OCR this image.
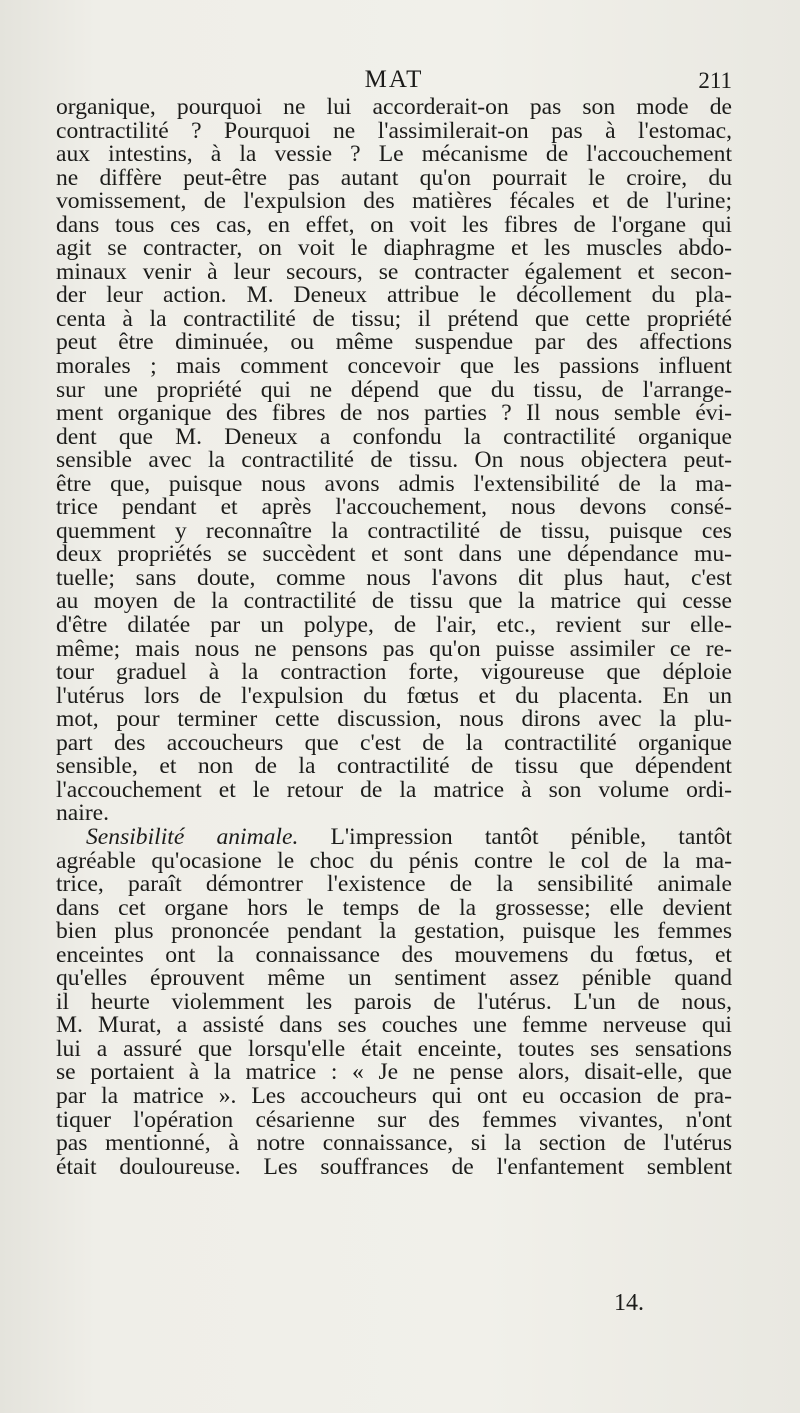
MAT	211
organique, pourquoi ne lui accorderait-on pas son mode de
contractilité ? Pourquoi ne l'assimilerait-on pas à l'estomac,
aux intestins, à la vessie ? Le mécanisme de l'accouchement
ne diffère peut-être pas autant qu'on pourrait le croire, du
vomissement, de l'expulsion des matières fécales et de l'urine;
dans tous ces cas, en effet, on voit les fibres de l'organe qui
agit se contracter, on voit le diaphragme et les muscles abdo-
minaux venir à leur secours, se contracter également et secon-
der leur action. M. Deneux attribue le décollement du pla-
centa à la contractilité de tissu; il prétend que cette propriété
peut être diminuée, ou même suspendue par des affections
morales ; mais comment concevoir que les passions influent
sur une propriété qui ne dépend que du tissu, de l'arrange-
ment organique des fibres de nos parties ? Il nous semble évi-
dent que M. Deneux a confondu la contractilité organique
sensible avec la contractilité de tissu. On nous objectera peut-
être que, puisque nous avons admis l'extensibilité de la ma-
trice pendant et après l'accouchement, nous devons consé-
quemment y reconnaître la contractilité de tissu, puisque ces
deux propriétés se succèdent et sont dans une dépendance mu-
tuelle; sans doute, comme nous l'avons dit plus haut, c'est
au moyen de la contractilité de tissu que la matrice qui cesse
d'être dilatée par un polype, de l'air, etc., revient sur elle-
même; mais nous ne pensons pas qu'on puisse assimiler ce re-
tour graduel à la contraction forte, vigoureuse que déploie
l'utérus lors de l'expulsion du fœtus et du placenta. En un
mot, pour terminer cette discussion, nous dirons avec la plu-
part des accoucheurs que c'est de la contractilité organique
sensible, et non de la contractilité de tissu que dépendent
l'accouchement et le retour de la matrice à son volume ordi-
naire.
Sensibilité animale. L'impression tantôt pénible, tantôt
agréable qu'ocasione le choc du pénis contre le col de la ma-
trice, paraît démontrer l'existence de la sensibilité animale
dans cet organe hors le temps de la grossesse; elle devient
bien plus prononcée pendant la gestation, puisque les femmes
enceintes ont la connaissance des mouvemens du fœtus, et
qu'elles éprouvent même un sentiment assez pénible quand
il heurte violemment les parois de l'utérus. L'un de nous,
M. Murat, a assisté dans ses couches une femme nerveuse qui
lui a assuré que lorsqu'elle était enceinte, toutes ses sensations
se portaient à la matrice : « Je ne pense alors, disait-elle, que
par la matrice ». Les accoucheurs qui ont eu occasion de pra-
tiquer l'opération césarienne sur des femmes vivantes, n'ont
pas mentionné, à notre connaissance, si la section de l'utérus
était douloureuse. Les souffrances de l'enfantement semblent
14.
